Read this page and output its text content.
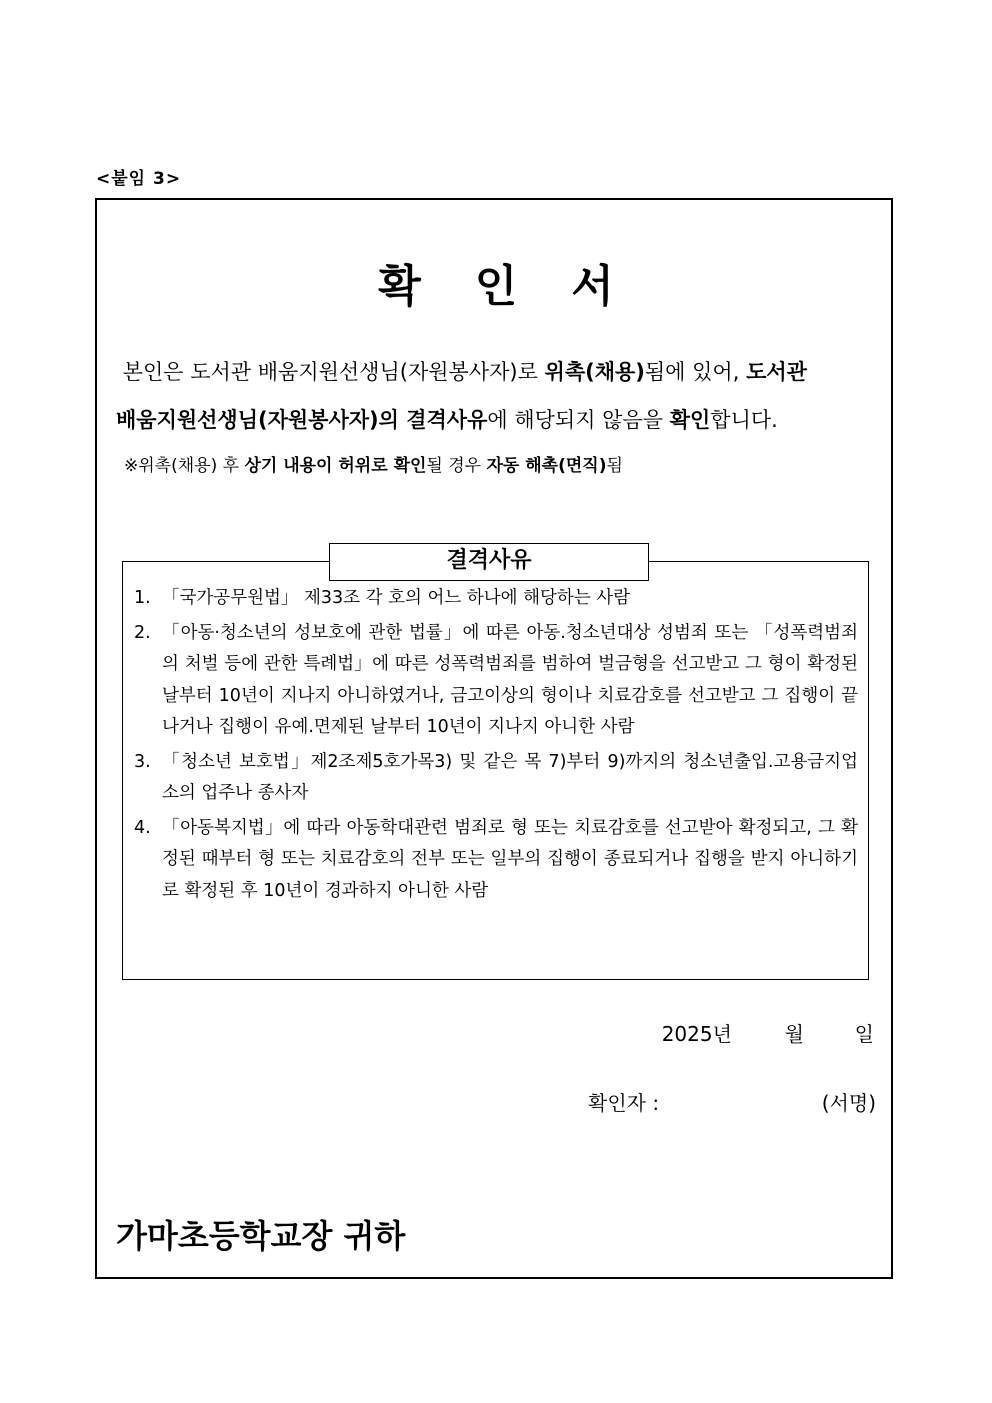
<붙임 3>
확인서
본인은 도서관 배움지원선생님(자원봉사자)로 위촉(채용)됨에 있어, 도서관
배움지원선생님(자원봉사자)의 결격사유에 해당되지 않음을 확인합니다.
※위촉(채용) 후 상기 내용이 허위로 확인될 경우 자동 해촉(면직)됨
결격사유
1. 「국가공무원법」 제33조 각 호의 어느 하나에 해당하는 사람
2. 「아동·청소년의 성보호에 관한 법률」에 따른 아동.청소년대상 성범죄 또는 「성폭력범죄의 처벌 등에 관한 특례법」에 따른 성폭력범죄를 범하여 벌금형을 선고받고 그 형이 확정된 날부터 10년이 지나지 아니하였거나, 금고이상의 형이나 치료감호를 선고받고 그 집행이 끝나거나 집행이 유예.면제된 날부터 10년이 지나지 아니한 사람
3. 「청소년 보호법」제2조제5호가목3) 및 같은 목 7)부터 9)까지의 청소년출입.고용금지업소의 업주나 종사자
4. 「아동복지법」에 따라 아동학대관련 범죄로 형 또는 치료감호를 선고받아 확정되고, 그 확정된 때부터 형 또는 치료감호의 전부 또는 일부의 집행이 종료되거나 집행을 받지 아니하기로 확정된 후 10년이 경과하지 아니한 사람
2025년	월	일
확인자 :	(서명)
가마초등학교장 귀하
